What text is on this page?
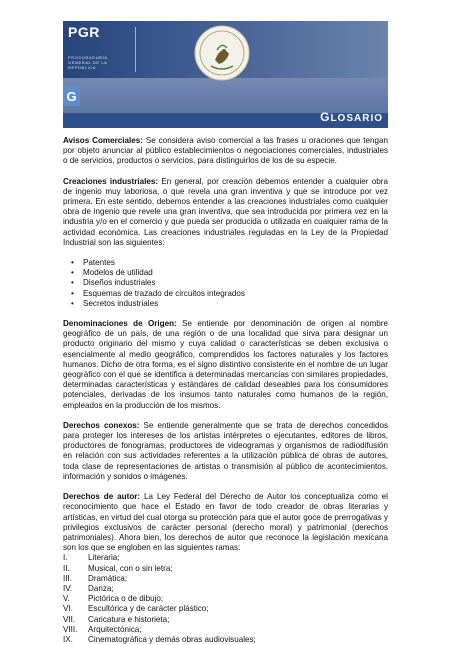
PGR
PROCURADURÍA GENERAL DE LA REPÚBLICA
G
GLOSARIO

Avisos Comerciales: Se considera aviso comercial a las frases u oraciones que tengan por objeto anunciar al público establecimientos o negociaciones comerciales, industriales o de servicios, productos o servicios, para distinguirlos de los de su especie.

Creaciones industriales: En general, por creación debemos entender a cualquier obra de ingenio muy laboriosa, o que revela una gran inventiva y que se introduce por vez primera. En este sentido, debemos entender a las creaciones industriales como cualquier obra de ingenio que revele una gran inventiva, que sea introducida por primera vez en la industria y/o en el comercio y que pueda ser producida o utilizada en cualquier rama de la actividad económica. Las creaciones industriales reguladas en la Ley de la Propiedad Industrial son las siguientes:

• Patentes
• Modelos de utilidad
• Diseños industriales
• Esquemas de trazado de circuitos integrados
• Secretos industriales

Denominaciones de Origen: Se entiende por denominación de origen al nombre geográfico de un país, de una región o de una localidad que sirva para designar un producto originario del mismo y cuya calidad o características se deben exclusiva o esencialmente al medio geográfico, comprendidos los factores naturales y los factores humanos. Dicho de otra forma, es el signo distintivo consistente en el nombre de un lugar geográfico con el que se identifica a determinadas mercancías con similares propiedades, determinadas características y estándares de calidad deseables para los consumidores potenciales, derivadas de los insumos tanto naturales como humanos de la región, empleados en la producción de los mismos.

Derechos conexos: Se entiende generalmente que se trata de derechos concedidos para proteger los intereses de los artistas intérpretes o ejecutantes, editores de libros, productores de fonogramas, productores de videogramas y organismos de radiodifusión en relación con sus actividades referentes a la utilización pública de obras de autores, toda clase de representaciones de artistas o transmisión al público de acontecimientos, información y sonidos o imágenes.

Derechos de autor: La Ley Federal del Derecho de Autor los conceptualiza como el reconocimiento que hace el Estado en favor de todo creador de obras literarias y artísticas, en virtud del cual otorga su protección para que el autor goce de prerrogativas y privilegios exclusivos de carácter personal (derecho moral) y patrimonial (derechos patrimoniales). Ahora bien, los derechos de autor que reconoce la legislación mexicana son los que se engloben en las siguientes ramas:

I.	Literaria;
II.	Musical, con o sin letra;
III.	Dramática;
IV.	Danza;
V.	Pictórica o de dibujo;
VI.	Escultórica y de carácter plástico;
VII.	Caricatura e historieta;
VIII.	Arquitectónica;
IX.	Cinematográfica y demás obras audiovisuales;
